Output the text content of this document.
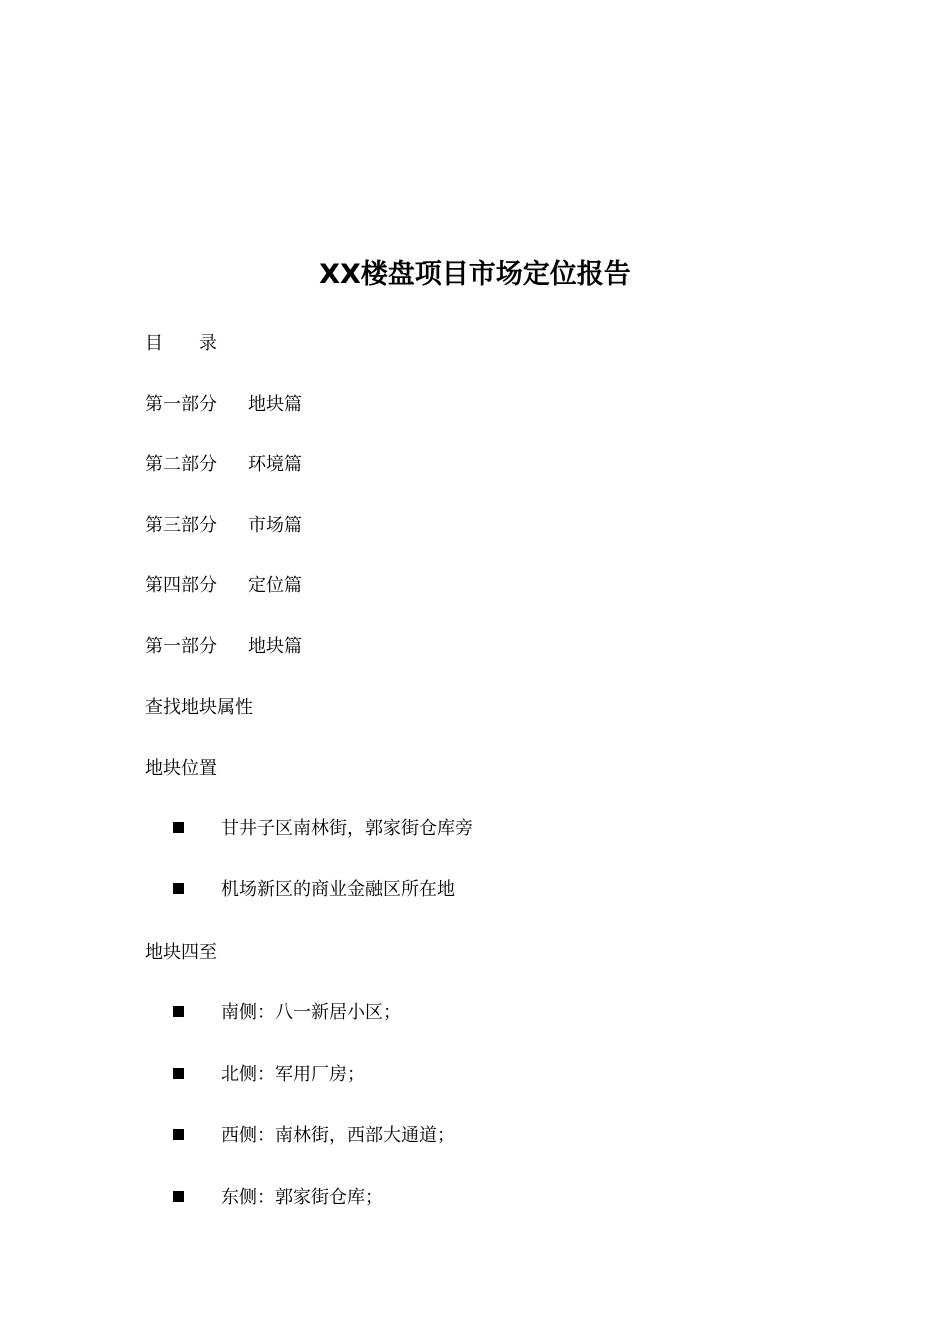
XX楼盘项目市场定位报告
目 录
第一部分 地块篇
第二部分 环境篇
第三部分 市场篇
第四部分 定位篇
第一部分 地块篇
查找地块属性
地块位置
甘井子区南林街，郭家街仓库旁
机场新区的商业金融区所在地
地块四至
南侧：八一新居小区；
北侧：军用厂房；
西侧：南林街，西部大通道；
东侧：郭家街仓库；
